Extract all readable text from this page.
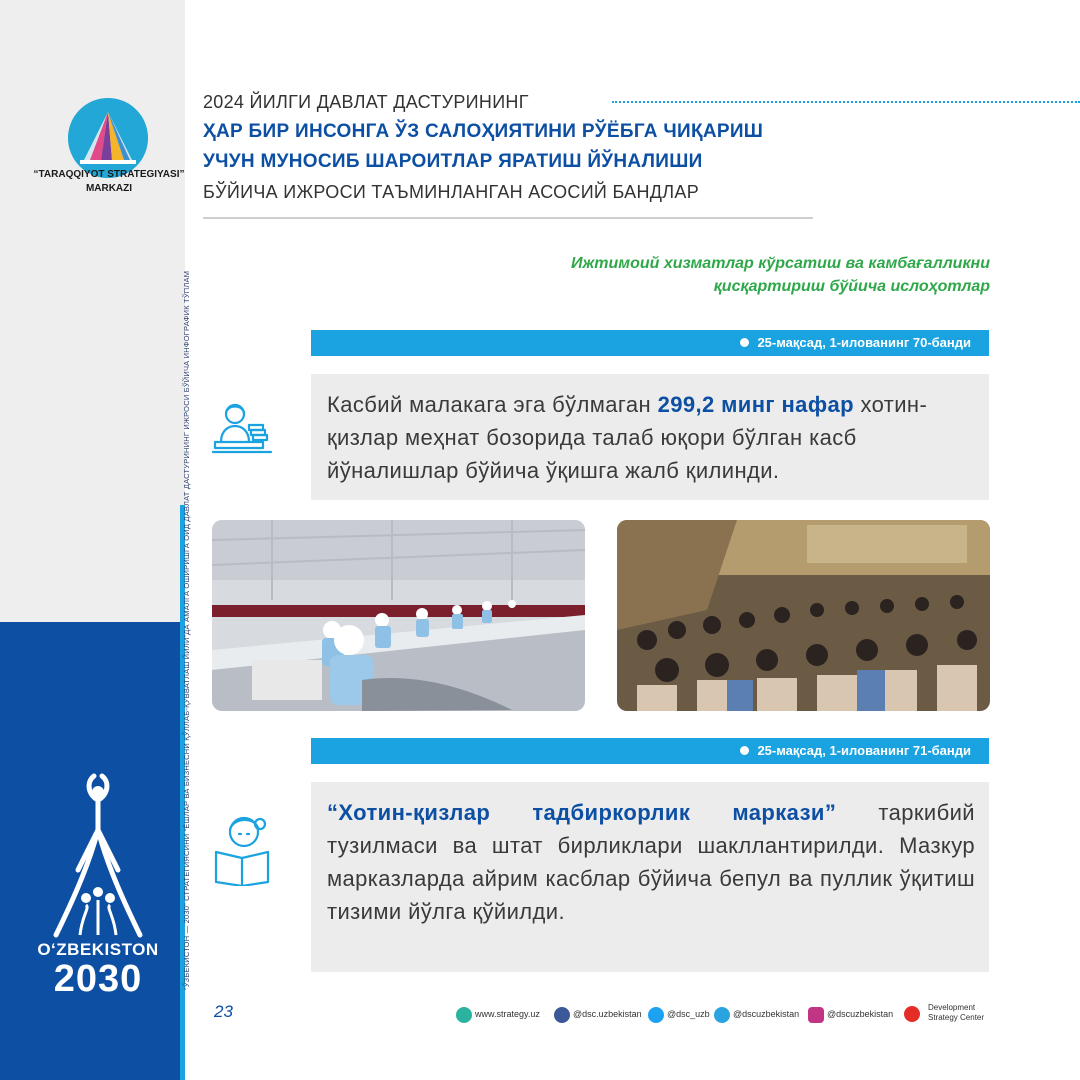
“TARAQQIYOT STRATEGIYASI”
MARKAZI
“ЎЗБЕКИСТОН — 2030” СТРАТЕГИЯСИНИ “ЁШЛАР ВА БИЗНЕСНИ ҚЎЛЛАБ-ҚУВВАТЛАШ ЙИЛИ”ДА АМАЛГА ОШИРИШГА ОИД ДАВЛАТ ДАСТУРИНИНГ ИЖРОСИ БЎЙИЧА ИНФОГРАФИК ТЎПЛАМ
O‘ZBEKISTON
2030
23
2024 ЙИЛГИ ДАВЛАТ ДАСТУРИНИНГ
ҲАР БИР ИНСОНГА ЎЗ САЛОҲИЯТИНИ РЎЁБГА ЧИҚАРИШ
УЧУН МУНОСИБ ШАРОИТЛАР ЯРАТИШ ЙЎНАЛИШИ
БЎЙИЧА ИЖРОСИ ТАЪМИНЛАНГАН АСОСИЙ БАНДЛАР
Ижтимоий хизматлар кўрсатиш ва камбағалликни
қисқартириш бўйича ислоҳотлар
25-мақсад, 1-илованинг 70-банди
Касбий малакага эга бўлмаган 299,2 минг нафар хотин-қизлар меҳнат бозорида талаб юқори бўлган касб йўналишлар бўйича ўқишга жалб қилинди.
25-мақсад, 1-илованинг 71-банди
“Хотин-қизлар тадбиркорлик маркази” таркибий тузилмаси ва штат бирликлари шакллантирилди. Мазкур марказларда айрим касблар бўйича бепул ва пуллик ўқитиш тизими йўлга қўйилди.
www.strategy.uz	@dsc.uzbekistan	@dsc_uzb	@dscuzbekistan	@dscuzbekistan
Development
Strategy Center
